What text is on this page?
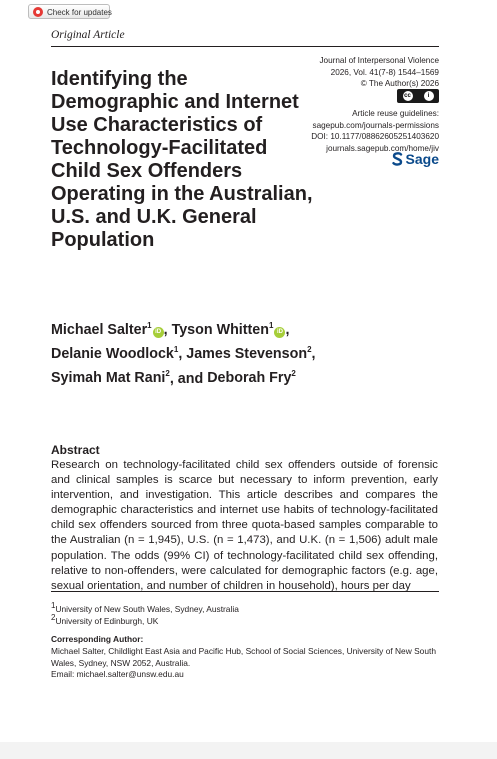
Check for updates
Original Article
Identifying the Demographic and Internet Use Characteristics of Technology-Facilitated Child Sex Offenders Operating in the Australian, U.S. and U.K. General Population
Journal of Interpersonal Violence
2026, Vol. 41(7-8) 1544–1569
© The Author(s) 2026
cc	i
Article reuse guidelines:
sagepub.com/journals-permissions
DOI: 10.1177/08862605251403620
journals.sagepub.com/home/jiv
Sage
Michael Salter$^1$iD , Tyson Whitten$^1$iD ,
Delanie Woodlock$^1$, James Stevenson$^2$,
Syimah Mat Rani$^2$, and Deborah Fry$^2$
Abstract

Research on technology-facilitated child sex offenders outside of forensic and clinical samples is scarce but necessary to inform prevention, early intervention, and investigation. This article describes and compares the demographic characteristics and internet use habits of technology-facilitated child sex offenders sourced from three quota-based samples comparable to the Australian (n = 1,945), U.S. (n = 1,473), and U.K. (n = 1,506) adult male population. The odds (99% CI) of technology-facilitated child sex offending, relative to non-offenders, were calculated for demographic factors (e.g. age, sexual orientation, and number of children in household), hours per day

$^1$University of New South Wales, Sydney, Australia
$^2$University of Edinburgh, UK
Corresponding Author:
Michael Salter, Childlight East Asia and Pacific Hub, School of Social Sciences, University of New South Wales, Sydney, NSW 2052, Australia.
Email: michael.salter@unsw.edu.au
